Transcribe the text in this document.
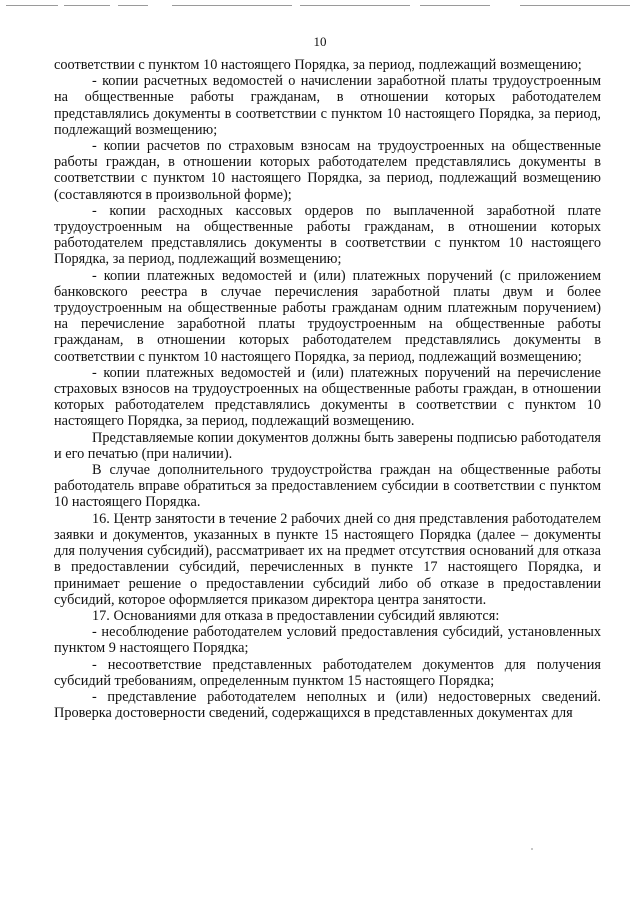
10

соответствии с пунктом 10 настоящего Порядка, за период, подлежащий возмещению;

- копии расчетных ведомостей о начислении заработной платы трудоустроенным на общественные работы гражданам, в отношении которых работодателем представлялись документы в соответствии с пунктом 10 настоящего Порядка, за период, подлежащий возмещению;

- копии расчетов по страховым взносам на трудоустроенных на общественные работы граждан, в отношении которых работодателем представлялись документы в соответствии с пунктом 10 настоящего Порядка, за период, подлежащий возмещению (составляются в произвольной форме);

- копии расходных кассовых ордеров по выплаченной заработной плате трудоустроенным на общественные работы гражданам, в отношении которых работодателем представлялись документы в соответствии с пунктом 10 настоящего Порядка, за период, подлежащий возмещению;

- копии платежных ведомостей и (или) платежных поручений (с приложением банковского реестра в случае перечисления заработной платы двум и более трудоустроенным на общественные работы гражданам одним платежным поручением) на перечисление заработной платы трудоустроенным на общественные работы гражданам, в отношении которых работодателем представлялись документы в соответствии с пунктом 10 настоящего Порядка, за период, подлежащий возмещению;

- копии платежных ведомостей и (или) платежных поручений на перечисление страховых взносов на трудоустроенных на общественные работы граждан, в отношении которых работодателем представлялись документы в соответствии с пунктом 10 настоящего Порядка, за период, подлежащий возмещению.

Представляемые копии документов должны быть заверены подписью работодателя и его печатью (при наличии).

В случае дополнительного трудоустройства граждан на общественные работы работодатель вправе обратиться за предоставлением субсидии в соответствии с пунктом 10 настоящего Порядка.

16. Центр занятости в течение 2 рабочих дней со дня представления работодателем заявки и документов, указанных в пункте 15 настоящего Порядка (далее – документы для получения субсидий), рассматривает их на предмет отсутствия оснований для отказа в предоставлении субсидий, перечисленных в пункте 17 настоящего Порядка, и принимает решение о предоставлении субсидий либо об отказе в предоставлении субсидий, которое оформляется приказом директора центра занятости.

17. Основаниями для отказа в предоставлении субсидий являются:

- несоблюдение работодателем условий предоставления субсидий, установленных пунктом 9 настоящего Порядка;

- несоответствие представленных работодателем документов для получения субсидий требованиям, определенным пунктом 15 настоящего Порядка;

- представление работодателем неполных и (или) недостоверных сведений. Проверка достоверности сведений, содержащихся в представленных документах для
